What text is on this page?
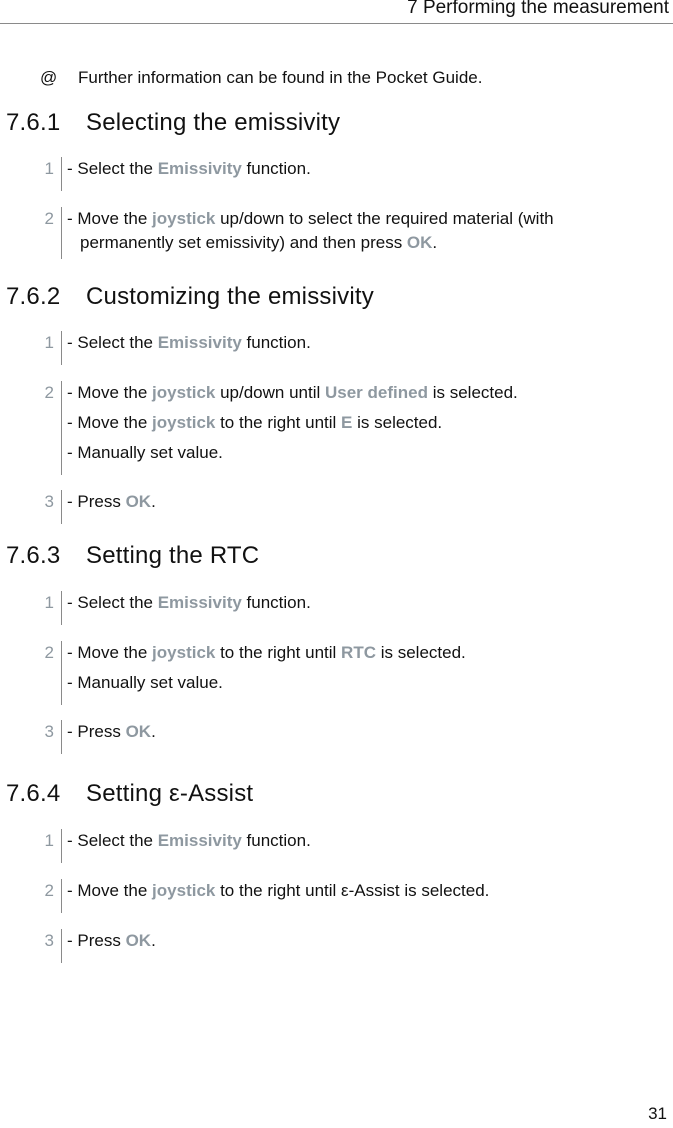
7 Performing the measurement
@ Further information can be found in the Pocket Guide.
7.6.1 Selecting the emissivity
1 - Select the Emissivity function.
2 - Move the joystick up/down to select the required material (with
permanently set emissivity) and then press OK.
7.6.2 Customizing the emissivity
1 - Select the Emissivity function.
2 - Move the joystick up/down until User defined is selected.
- Move the joystick to the right until E is selected.
- Manually set value.
3 - Press OK.
7.6.3 Setting the RTC
1 - Select the Emissivity function.
2 - Move the joystick to the right until RTC is selected.
- Manually set value.
3 - Press OK.
7.6.4 Setting ε-Assist
1 - Select the Emissivity function.
2 - Move the joystick to the right until ε-Assist is selected.
3 - Press OK.
31
